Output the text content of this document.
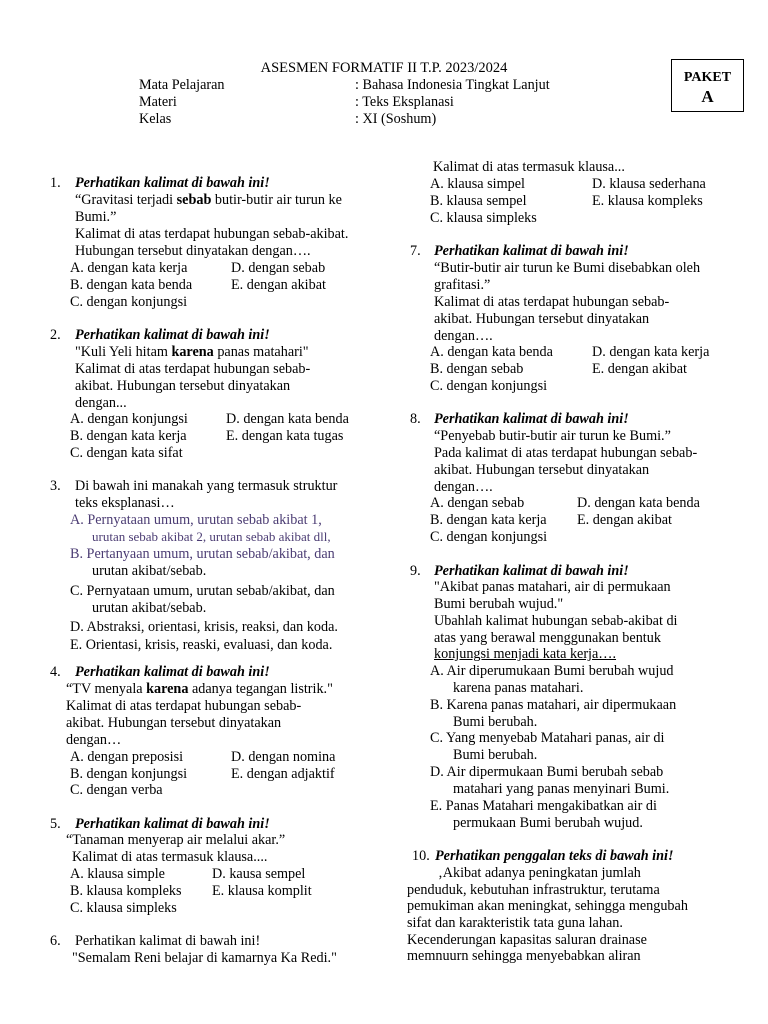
ASESMEN FORMATIF II T.P. 2023/2024
PAKET
A
Mata Pelajaran	: Bahasa Indonesia Tingkat Lanjut
Materi	: Teks Eksplanasi
Kelas	: XI (Soshum)
1. Perhatikan kalimat di bawah ini!
“Gravitasi terjadi sebab butir-butir air turun ke
Bumi.”
Kalimat di atas terdapat hubungan sebab-akibat.
Hubungan tersebut dinyatakan dengan….
A. dengan kata kerja	D. dengan sebab
B. dengan kata benda	E. dengan akibat
C. dengan konjungsi
2. Perhatikan kalimat di bawah ini!
"Kuli Yeli hitam karena panas matahari"
Kalimat di atas terdapat hubungan sebab-
akibat. Hubungan tersebut dinyatakan
dengan...
A. dengan konjungsi	D. dengan kata benda
B. dengan kata kerja	E. dengan kata tugas
C. dengan kata sifat
3. Di bawah ini manakah yang termasuk struktur
teks eksplanasi…
A. Pernyataan umum, urutan sebab akibat 1,
urutan sebab akibat 2, urutan sebab akibat dll,
B. Pertanyaan umum, urutan sebab/akibat, dan
urutan akibat/sebab.
C. Pernyataan umum, urutan sebab/akibat, dan
urutan akibat/sebab.
D. Abstraksi, orientasi, krisis, reaksi, dan koda.
E. Orientasi, krisis, reaski, evaluasi, dan koda.
4. Perhatikan kalimat di bawah ini!
“TV menyala karena adanya tegangan listrik."
Kalimat di atas terdapat hubungan sebab-
akibat. Hubungan tersebut dinyatakan
dengan…
A. dengan preposisi	D. dengan nomina
B. dengan konjungsi	E. dengan adjaktif
C. dengan verba
5. Perhatikan kalimat di bawah ini!
“Tanaman menyerap air melalui akar.”
Kalimat di atas termasuk klausa....
A. klausa simple	D. kausa sempel
B. klausa kompleks E. klausa komplit
C. klausa simpleks
6. Perhatikan kalimat di bawah ini!
"Semalam Reni belajar di kamarnya Ka Redi."
Kalimat di atas termasuk klausa...
A. klausa simpel	D. klausa sederhana
B. klausa sempel	E. klausa kompleks
C. klausa simpleks
7. Perhatikan kalimat di bawah ini!
“Butir-butir air turun ke Bumi disebabkan oleh
grafitasi.”
Kalimat di atas terdapat hubungan sebab-
akibat. Hubungan tersebut dinyatakan
dengan….
A. dengan kata benda	D. dengan kata kerja
B. dengan sebab	E. dengan akibat
C. dengan konjungsi
8. Perhatikan kalimat di bawah ini!
“Penyebab butir-butir air turun ke Bumi.”
Pada kalimat di atas terdapat hubungan sebab-
akibat. Hubungan tersebut dinyatakan
dengan….
A. dengan sebab	D. dengan kata benda
B. dengan kata kerja E. dengan akibat
C. dengan konjungsi
9. Perhatikan kalimat di bawah ini!
"Akibat panas matahari, air di permukaan
Bumi berubah wujud."
Ubahlah kalimat hubungan sebab-akibat di
atas yang berawal menggunakan bentuk
konjungsi menjadi kata kerja….
A. Air diperumukaan Bumi berubah wujud
karena panas matahari.
B. Karena panas matahari, air dipermukaan
Bumi berubah.
C. Yang menyebab Matahari panas, air di
Bumi berubah.
D. Air dipermukaan Bumi berubah sebab
matahari yang panas menyinari Bumi.
E. Panas Matahari mengakibatkan air di
permukaan Bumi berubah wujud.
10. Perhatikan penggalan teks di bawah ini!
‚Akibat adanya peningkatan jumlah
penduduk, kebutuhan infrastruktur, terutama
pemukiman akan meningkat, sehingga mengubah
sifat dan karakteristik tata guna lahan.
Kecenderungan kapasitas saluran drainase
memnuurn sehingga menyebabkan aliran
